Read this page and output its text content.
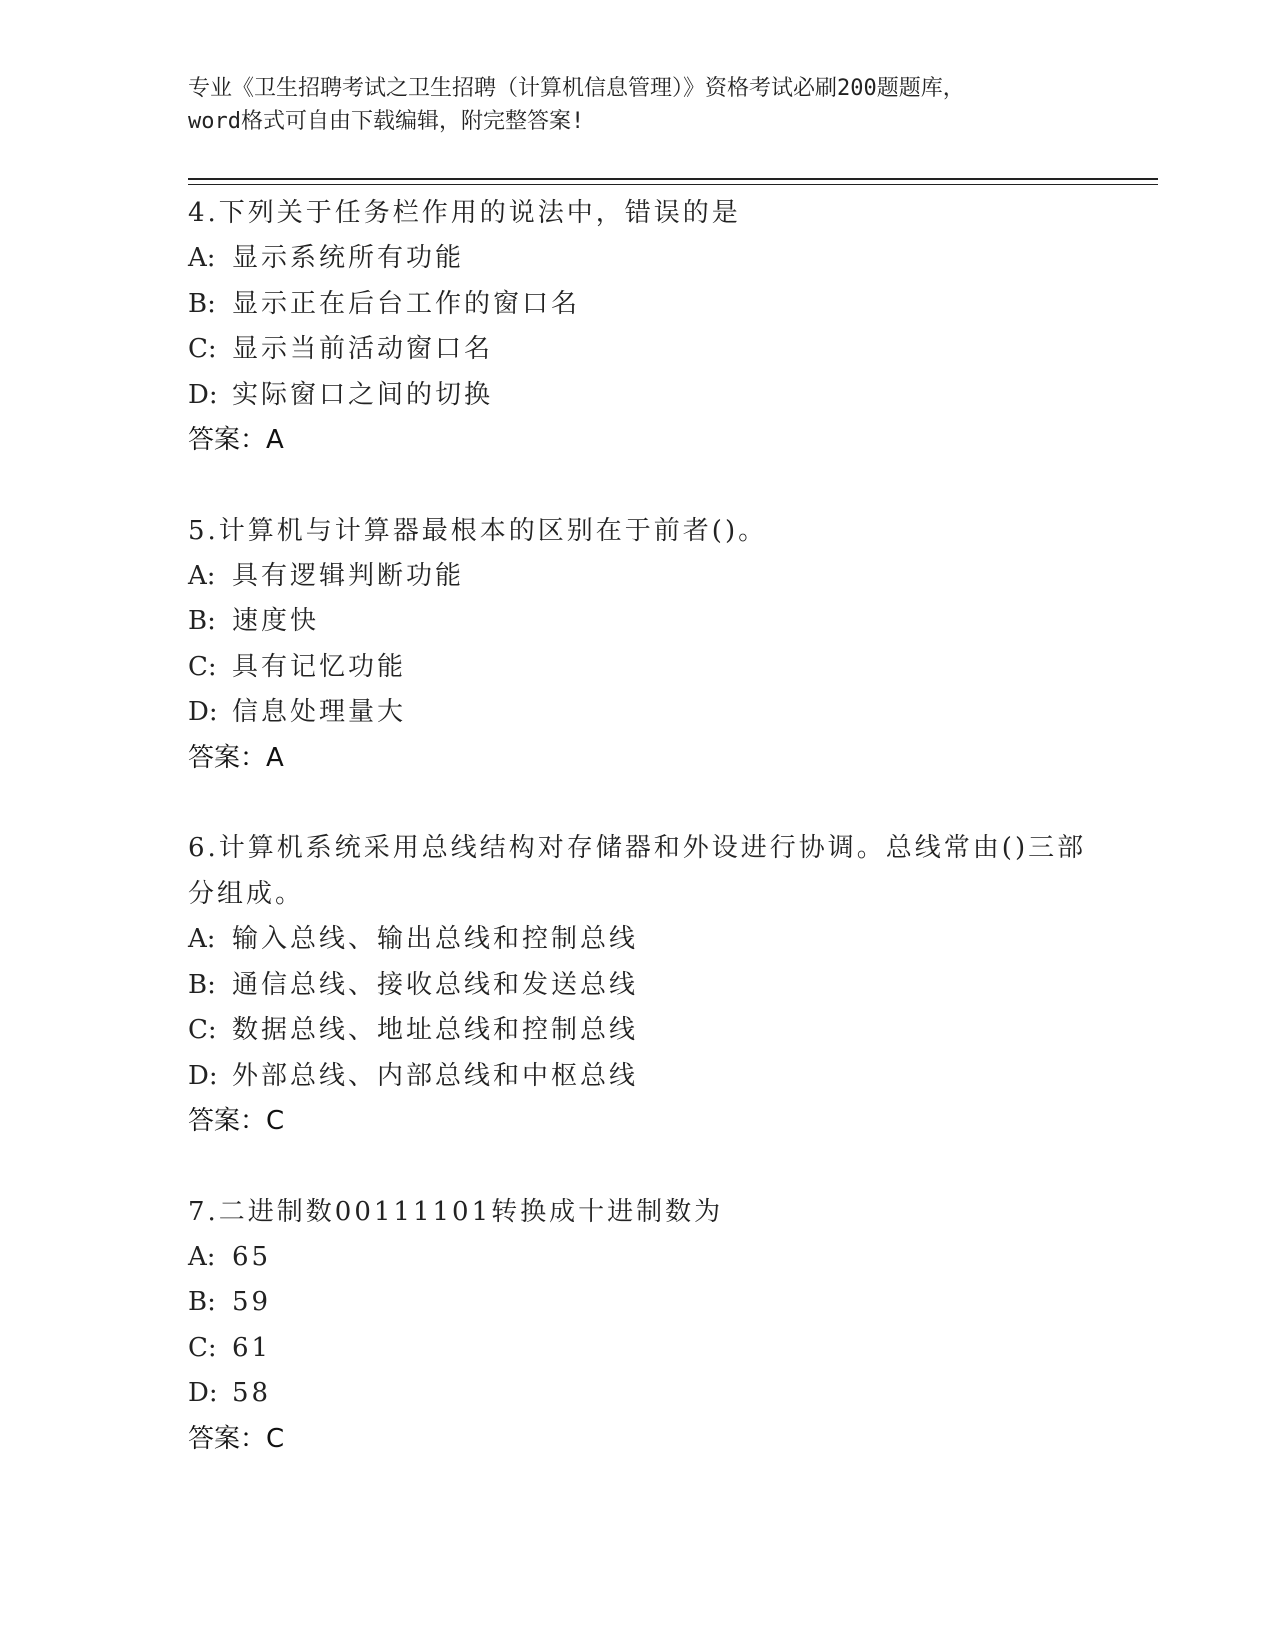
专业《卫生招聘考试之卫生招聘（计算机信息管理）》资格考试必刷200题题库，
word格式可自由下载编辑，附完整答案!
4.下列关于任务栏作用的说法中，错误的是
A: 显示系统所有功能
B: 显示正在后台工作的窗口名
C: 显示当前活动窗口名
D: 实际窗口之间的切换
答案：A
5.计算机与计算器最根本的区别在于前者()。
A: 具有逻辑判断功能
B: 速度快
C: 具有记忆功能
D: 信息处理量大
答案：A
6.计算机系统采用总线结构对存储器和外设进行协调。总线常由()三部分组成。
A: 输入总线、输出总线和控制总线
B: 通信总线、接收总线和发送总线
C: 数据总线、地址总线和控制总线
D: 外部总线、内部总线和中枢总线
答案：C
7.二进制数00111101转换成十进制数为
A: 65
B: 59
C: 61
D: 58
答案：C
